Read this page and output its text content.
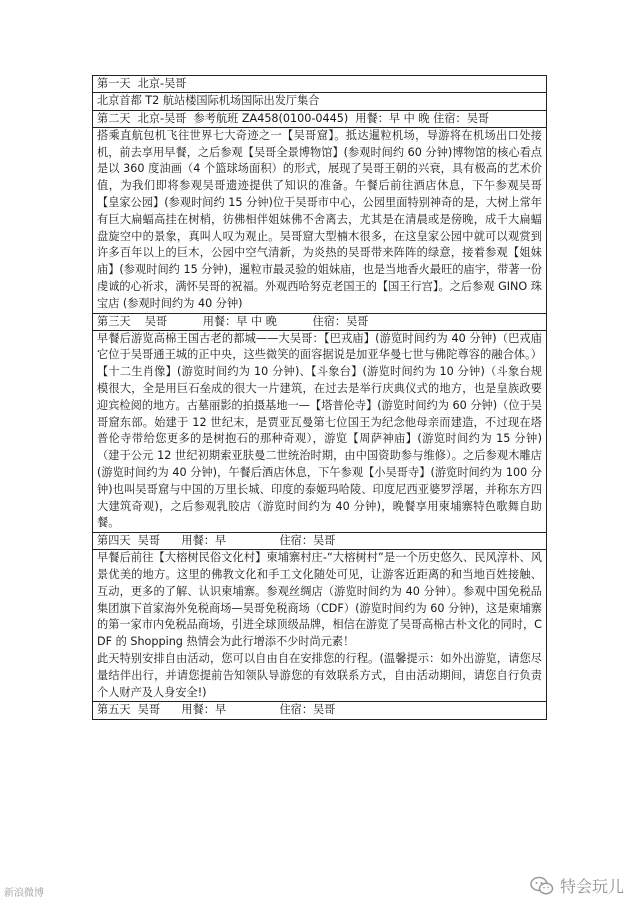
第一天  北京-吴哥

北京首都 T2 航站楼国际机场国际出发厅集合

第二天  北京-吴哥  参考航班 ZA458(0100-0445)  用餐：早 中 晚 住宿：吴哥

搭乘直航包机飞往世界七大奇迹之一【吴哥窟】。抵达暹粒机场，导游将在机场出口处接机，前去享用早餐，之后参观【吴哥全景博物馆】(参观时间约 60 分钟)博物馆的核心看点是以 360 度油画（4 个篮球场面积）的形式，展现了吴哥王朝的兴衰，具有极高的艺术价值，为我们即将参观吴哥遗迹提供了知识的准备。午餐后前往酒店休息，下午参观吴哥【皇家公园】(参观时间约 15 分钟)位于吴哥市中心，公园里面特别神奇的是，大树上常年有巨大扁蝠高挂在树梢，彷佛相伴姐妹佛不舍离去，尤其是在清晨或是傍晚，成千大扁蝠盘旋空中的景象，真叫人叹为观止。吴哥窟大型楠木很多，在这皇家公园中就可以观赏到许多百年以上的巨木，公园中空气清新，为炎热的吴哥带来阵阵的绿意，接着参观【姐妹庙】(参观时间约 15 分钟)，暹粒市最灵验的姐妹庙，也是当地香火最旺的庙宇，带著一份虔诚的心祈求，满怀吴哥的祝福。外观西哈努克老国王的【国王行宫】。之后参观 GINO 珠宝店 (参观时间约为 40 分钟)

第三天    吴哥          用餐：早 中 晚          住宿：吴哥

早餐后游览高棉王国古老的都城——大吴哥：【巴戎庙】(游览时间约为 40 分钟)（巴戎庙它位于吴哥通王城的正中央，这些微笑的面容据说是加亚华曼七世与佛陀尊容的融合体。）【十二生肖像】(游览时间约为 10 分钟)、【斗象台】(游览时间约为 10 分钟)（斗象台规模很大，全是用巨石垒成的很大一片建筑，在过去是举行庆典仪式的地方，也是皇族政要迎宾检阅的地方。古墓丽影的拍摄基地一—【塔普伦寺】(游览时间约为 60 分钟)（位于吴哥窟东部。始建于 12 世纪末，是贾亚瓦曼第七位国王为纪念他母亲而建造，不过现在塔普伦寺带给您更多的是树抱石的那种奇观），游览【周萨神庙】(游览时间约为 15 分钟)（建于公元 12 世纪初期索亚肤曼二世统治时期，由中国资助参与维修）。之后参观木雕店 (游览时间约为 40 分钟)，午餐后酒店休息，下午参观【小吴哥寺】(游览时间约为 100 分钟)也叫吴哥窟与中国的万里长城、印度的泰姬玛哈陵、印度尼西亚婆罗浮屠，并称东方四大建筑奇观)，之后参观乳胶店（游览时间约为 40 分钟)，晚餐享用柬埔寨特色歌舞自助餐。

第四天  吴哥      用餐：早               住宿：吴哥

早餐后前往【大榕树民俗文化村】柬埔寨村庄-“大榕树村”是一个历史悠久、民风淳朴、风景优美的地方。这里的佛教文化和手工文化随处可见，让游客近距离的和当地百姓接触、互动，更多的了解、认识柬埔寨。参观丝绸店（游览时间约为 40 分钟）。参观中国免税品集团旗下首家海外免税商场—吴哥免税商场（CDF）(游览时间约为 60 分钟)，这是柬埔寨的第一家市内免税品商场，引进全球顶级品牌，相信在游览了吴哥高棉古朴文化的同时，CDF 的 Shopping 热情会为此行增添不少时尚元素！

此天特别安排自由活动，您可以自由自在安排您的行程。(温馨提示：如外出游览，请您尽量结伴出行，并请您提前告知领队导游您的有效联系方式，自由活动期间，请您自行负责个人财产及人身安全!)

第五天  吴哥      用餐：早               住宿：吴哥
新浪微博	特会玩儿
